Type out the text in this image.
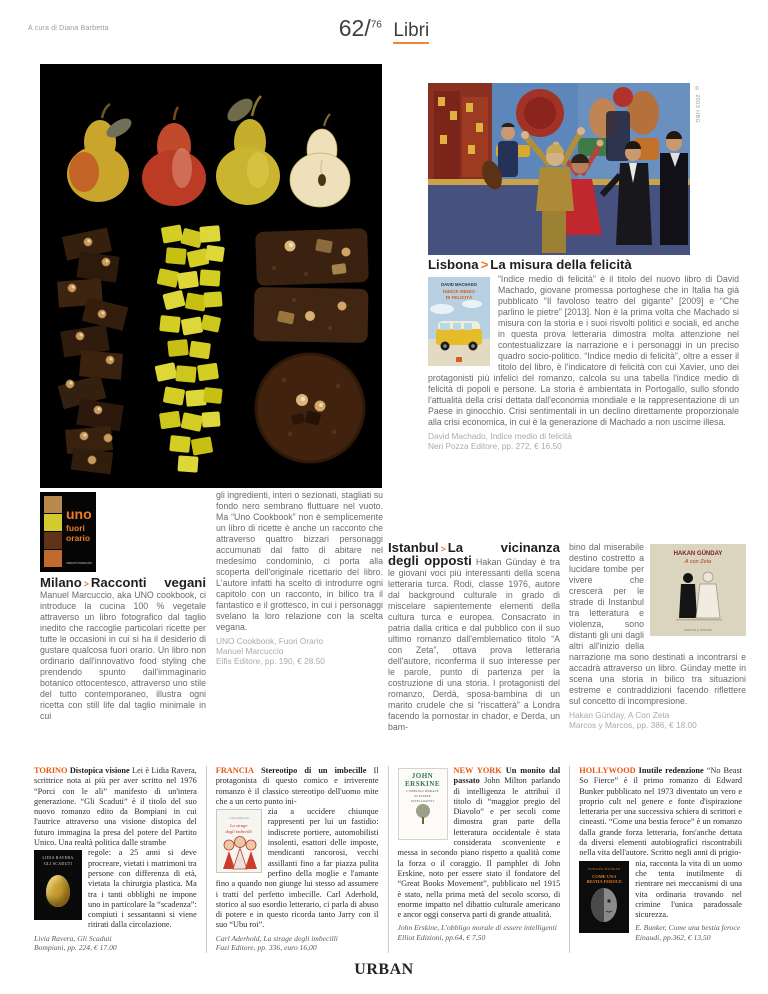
A cura di Diana Barbetta	62/$^{76}$ Libri
© 2003 HBG
Lisbona > La misura della felicità
DAVID MACHADO
INDICE MEDIO
DI FELICITÀ

“Indice medio di felicità” è il titolo del nuovo libro di David Machado, giovane promessa portoghese che in Italia ha già pubblicato “Il favoloso teatro del gigante” [2009] e “Che parlino le pietre” [2013]. Non è la prima volta che Machado si misura con la storia e i suoi risvolti politici e sociali, ed anche in questa prova letteraria dimostra molta attenzione nel contestualizzare la narrazione e i personaggi in un preciso quadro socio-politico. “Indice medio di felicità”, oltre a esser il titolo del libro, è l'indicatore di felicità con cui Xavier, uno dei protagonisti più infelici del romanzo, calcola su una tabella l'indice medio di felicità di popoli e persone. La storia è ambientata in Portogallo, sullo sfondo l'attualità della crisi dettata dall'economia mondiale e la rappresentazione di un Paese in ginocchio. Crisi sentimentali in un declino direttamente proporzionale alla crisi economica, in cui è la generazione di Machado a non uscirne illesa.

David Machado, Indice medio di felicità
Neri Pozza Editore, pp. 272, € 16.50
uno
fuori
orario
manuel marcuccio
Milano > Racconti vegani Manuel Marcuccio, aka UNO cookbook, ci introduce la cucina 100 % vegetale attraverso un libro fotografico dal taglio inedito che raccoglie particolari ricette per tutte le occasioni in cui si ha il desiderio di gustare qualcosa fuori orario. Un libro non ordinario dall'innovativo food styling che prendendo spunto dall'immaginario botanico ottocentesco, attraverso uno stile del tutto contemporaneo, illustra ogni ricetta con still life dal taglio minimale in cui
gli ingredienti, interi o sezionati, stagliati su fondo nero sembrano fluttuare nel vuoto. Ma “Uno Cookbook” non è semplicemente un libro di ricette è anche un racconto che attraverso quattro bizzari personaggi accumunati dal fatto di abitare nel medesimo condominio, ci porta alla scoperta dell'originale ricettario del libro. L'autore infatti ha scelto di introdurre ogni capitolo con un racconto, in bilico tra il fantastico e il grottesco, in cui i personaggi svelano la loro relazione con la scelta vegana.
UNO Cookbook, Fuori Orario
Manuel Marcuccio
Eifis Editore, pp. 190, € 28.50
Istanbul > La vicinanza degli opposti Hakan Günday è tra le giovani voci più interessanti della scena letteraria turca. Rodi, classe 1976, autore dal background culturale in grado di miscelare sapientemente elementi della cultura turca e europea. Consacrato in patria dalla critica e dal pubblico con il suo ultimo romanzo dall'emblematico titolo “A con Zeta”, ottava prova letteraria dell'autore, riconferma il suo interesse per le parole, punto di partenza per la costruzione di una storia. I protagonisti del romanzo, Derdà, sposa-bambina di un marito crudele che si “riscatterà” a Londra facendo la pornostar in chador, e Derda, un bam-
HAKAN GÜNDAY
A con Zeta
marcos y marcos
bino dal miserabile destino costretto a lucidare tombe per vivere che crescerà per le strade di Instanbul tra letteratura e violenza, sono distanti gli uni dagli altri all'inizio della narrazione ma sono destinati a incontrarsi e accadrà attraverso un libro. Günday mette in scena una storia in bilico tra situazioni estreme e contraddizioni facendo riflettere sul concetto di incompresione.
Hakan Günday, A Con Zeta
Marcos y Marcos, pp. 386, € 18.00

TORINO Distopica visione Lei è Lidia Ravera, scrittrice nota ai più per aver scritto nel 1976 “Porci con le ali” manifesto di un'intera generazione. “Gli Scaduti” è il titolo del suo nuovo romanzo edito da Bompiani in cui l'autrice attraverso una visione distopica del futuro immagina la presa del potere del Partito Unico. Una realtà politica dalle strambe

LIDIA RAVERA
GLI SCADUTI
regole: a 25 anni si deve procreare, vietati i matrimoni tra persone con differenza di età, vietata la chirurgia plastica. Ma tra i tanti obblighi ne impone uno in particolare la “scadenza”: compiuti i sessantanni si viene ritirati dalla circolazione.

Livia Ravera, Gli Scaduti
Bompiani, pp. 224, € 17.00

FRANCIA Stereotipo di un imbecille Il protagonista di questo comico e irriverente romanzo è il classico stereotipo dell'uomo mite che a un certo punto ini-

Carl Aderhold
La strage
degli imbecilli
zia a uccidere chiunque rappresenti per lui un fastidio: indiscrete portiere, automobilisti insolenti, esattori delle imposte, mendicanti rancorosi, vecchi assillanti fino a far piazza pulita perfino della moglie e l'amante fino a quando non giunge lui stesso ad assumere i tratti del perfetto imbecille. Carl Aderhold, storico al suo esordio letterario, ci parla di abuso di potere e in questo ricorda tanto Jarry con il suo “Ubu roi”.

Carl Aderhold, La strage degli imbecilli
Fazi Editore, pp. 336, euro 16,00

JOHN
ERSKINE
L'OBBLIGO MORALE
DI ESSERE
INTELLIGENTI
NEW YORK Un monito dal passato John Milton parlando di intelligenza le attribuì il titolo di “maggior pregio del Diavolo” e per secoli come dimostra gran parte della letteratura occidentale è stata considerata sconveniente e messa in secondo piano rispetto a qualità come la forza o il coraggio. Il pamphlet di John Erskine, noto per essere stato il fondatore del “Great Books Movement”, pubblicato nel 1915 è stato, nella prima metà del secolo scorso, di enorme impatto nel dibattio culturale americano e ancor oggi conserva parti di grande attualità.

John Erskine, L'obbligo morale di essere intelligenti
Elliot Edizioni, pp.64, € 7,50

HOLLYWOOD Inutile redenzione “No Beast So Fierce” è il primo romanzo di Edward Bunker pubblicato nel 1973 diventato un vero e proprio cult nel genere e fonte d'ispirazione letteraria per una successiva schiera di scrittori e cineasti. “Come una bestia feroce” è un romanzo dalla grande forza letteraria, fors'anche dettata da diversi elementi autobiografici riscontrabili nella vita dell'autore. Scritto negli anni di prigio-

EDWARD BUNKER
COME UNA
BESTIA FEROCE
nia, racconta la vita di un uomo che tenta inutilmente di rientrare nei meccanismi di una vita ordinaria trovando nel crimine l'unica paradossale sicurezza.

E. Bunker, Come una bestia feroce
Einaudi, pp.362, € 13,50
URBAN
